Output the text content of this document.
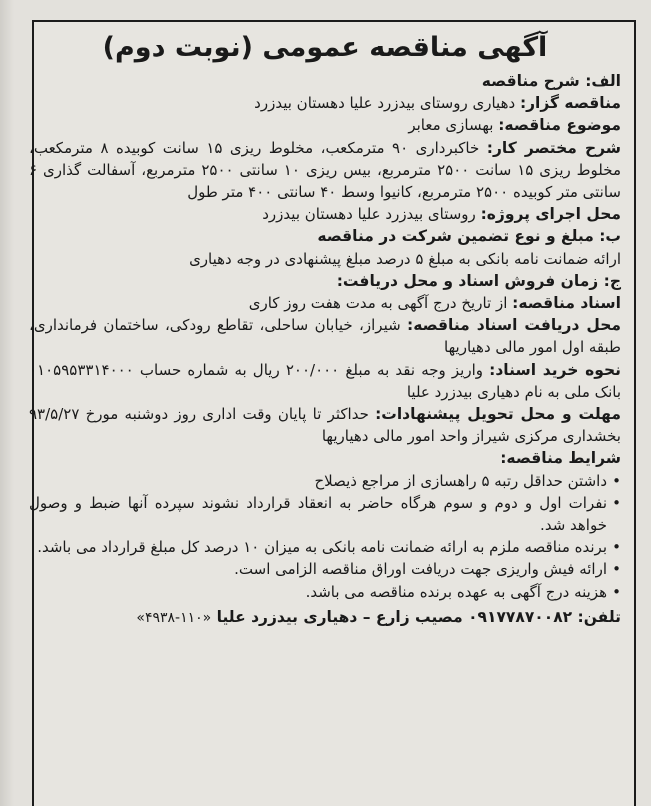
آگهی مناقصه عمومی (نوبت دوم)

الف: شرح مناقصه

مناقصه گزار: دهیاری روستای بیدزرد علیا دهستان بیدزرد

موضوع مناقصه: بهسازی معابر

شرح مختصر کار: خاکبرداری ۹۰ مترمکعب، مخلوط ریزی ۱۵ سانت کوبیده ۸ مترمکعب، مخلوط ریزی ۱۵ سانت ۲۵۰۰ مترمربع، بیس ریزی ۱۰ سانتی ۲۵۰۰ مترمربع، آسفالت گذاری ۶ سانتی متر کوبیده ۲۵۰۰ مترمربع، کانیوا وسط ۴۰ سانتی ۴۰۰ متر طول

محل اجرای پروژه: روستای بیدزرد علیا دهستان بیدزرد

ب: مبلغ و نوع تضمین شرکت در مناقصه

ارائه ضمانت نامه بانکی به مبلغ ۵ درصد مبلغ پیشنهادی در وجه دهیاری

ج: زمان فروش اسناد و محل دریافت:

اسناد مناقصه: از تاریخ درج آگهی به مدت هفت روز کاری

محل دریافت اسناد مناقصه: شیراز، خیابان ساحلی، تقاطع رودکی، ساختمان فرمانداری، طبقه اول امور مالی دهیاریها

نحوه خرید اسناد: واریز وجه نقد به مبلغ ۲۰۰/۰۰۰ ریال به شماره حساب ۰۱۰۵۹۵۳۳۱۴۰۰۰ بانک ملی به نام دهیاری بیدزرد علیا

مهلت و محل تحویل پیشنهادات: حداکثر تا پایان وقت اداری روز دوشنبه مورخ ۹۳/۵/۲۷ بخشداری مرکزی شیراز واحد امور مالی دهیاریها

شرایط مناقصه:

•
داشتن حداقل رتبه ۵ راهسازی از مراجع ذیصلاح
•
نفرات اول و دوم و سوم هرگاه حاضر به انعقاد قرارداد نشوند سپرده آنها ضبط و وصول خواهد شد.
•
برنده مناقصه ملزم به ارائه ضمانت نامه بانکی به میزان ۱۰ درصد کل مبلغ قرارداد می باشد.
•
ارائه فیش واریزی جهت دریافت اوراق مناقصه الزامی است.
•
هزینه درج آگهی به عهده برنده مناقصه می باشد.

تلفن: ۰۹۱۷۷۸۷۰۰۸۲ مصیب زارع – دهیاری بیدزرد علیا «۱۱۰-۴۹۳۸»
